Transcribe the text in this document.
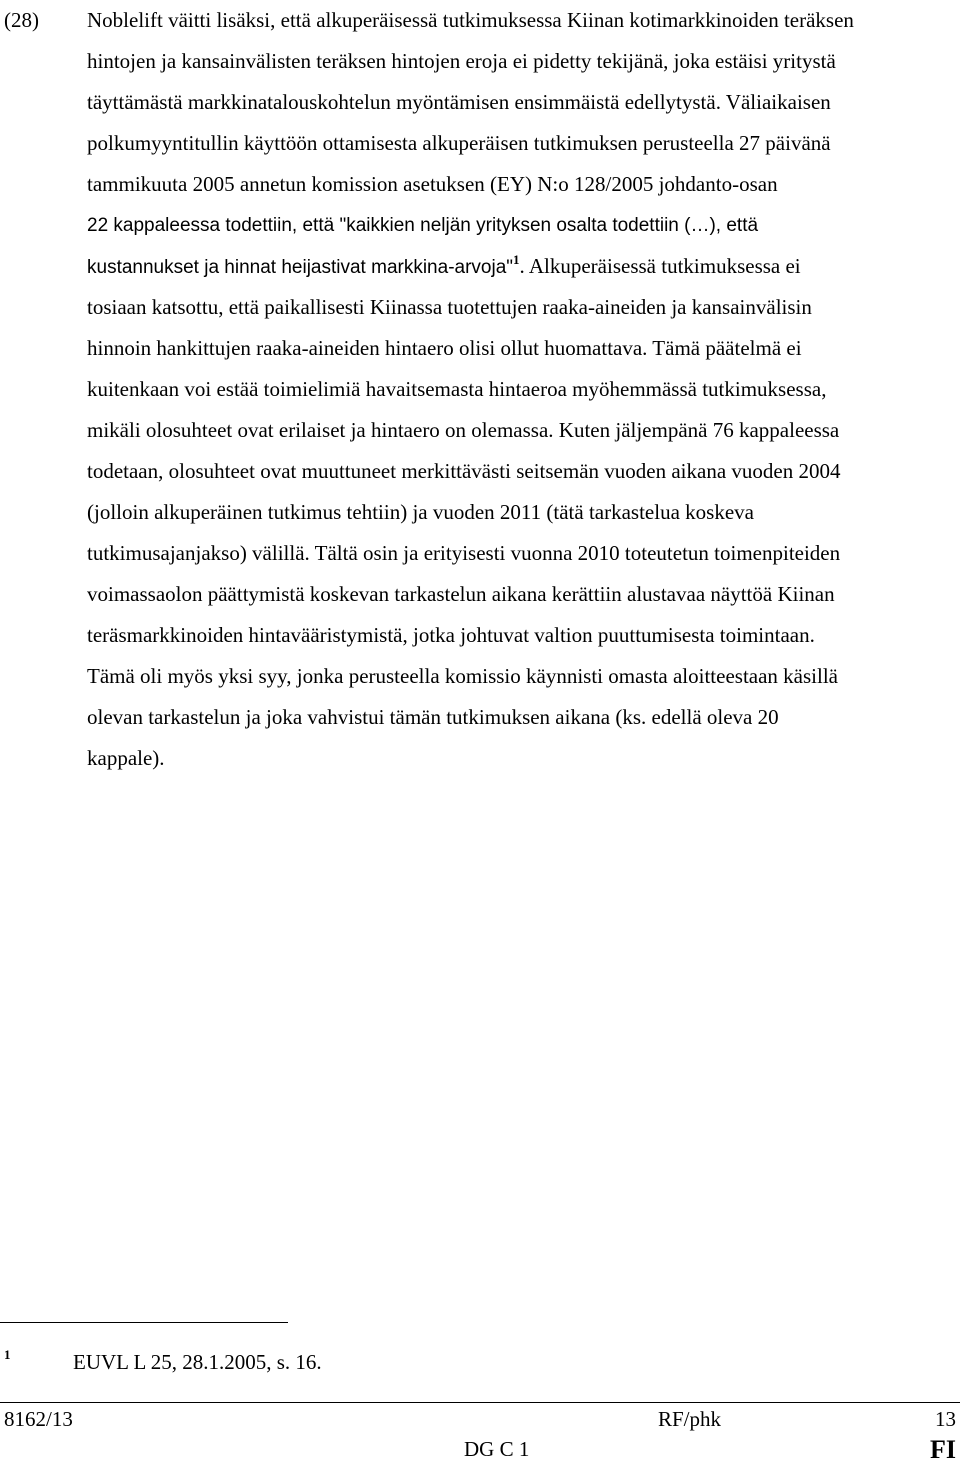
(28) Noblelift väitti lisäksi, että alkuperäisessä tutkimuksessa Kiinan kotimarkkinoiden teräksen
hintojen ja kansainvälisten teräksen hintojen eroja ei pidetty tekijänä, joka estäisi yritystä
täyttämästä markkinatalouskohtelun myöntämisen ensimmäistä edellytystä. Väliaikaisen
polkumyyntitullin käyttöön ottamisesta alkuperäisen tutkimuksen perusteella 27 päivänä
tammikuuta 2005 annetun komission asetuksen (EY) N:o 128/2005 johdanto-osan
22 kappaleessa todettiin, että "kaikkien neljän yrityksen osalta todettiin (…), että
kustannukset ja hinnat heijastivat markkina-arvoja"$^1$. Alkuperäisessä tutkimuksessa ei
tosiaan katsottu, että paikallisesti Kiinassa tuotettujen raaka-aineiden ja kansainvälisin
hinnoin hankittujen raaka-aineiden hintaero olisi ollut huomattava. Tämä päätelmä ei
kuitenkaan voi estää toimielimiä havaitsemasta hintaeroa myöhemmässä tutkimuksessa,
mikäli olosuhteet ovat erilaiset ja hintaero on olemassa. Kuten jäljempänä 76 kappaleessa
todetaan, olosuhteet ovat muuttuneet merkittävästi seitsemän vuoden aikana vuoden 2004
(jolloin alkuperäinen tutkimus tehtiin) ja vuoden 2011 (tätä tarkastelua koskeva
tutkimusajanjakso) välillä. Tältä osin ja erityisesti vuonna 2010 toteutetun toimenpiteiden
voimassaolon päättymistä koskevan tarkastelun aikana kerättiin alustavaa näyttöä Kiinan
teräsmarkkinoiden hintavääristymistä, jotka johtuvat valtion puuttumisesta toimintaan.
Tämä oli myös yksi syy, jonka perusteella komissio käynnisti omasta aloitteestaan käsillä
olevan tarkastelun ja joka vahvistui tämän tutkimuksen aikana (ks. edellä oleva 20
kappale).
1	EUVL L 25, 28.1.2005, s. 16.
8162/13	RF/phk	13
DG C 1	FI
